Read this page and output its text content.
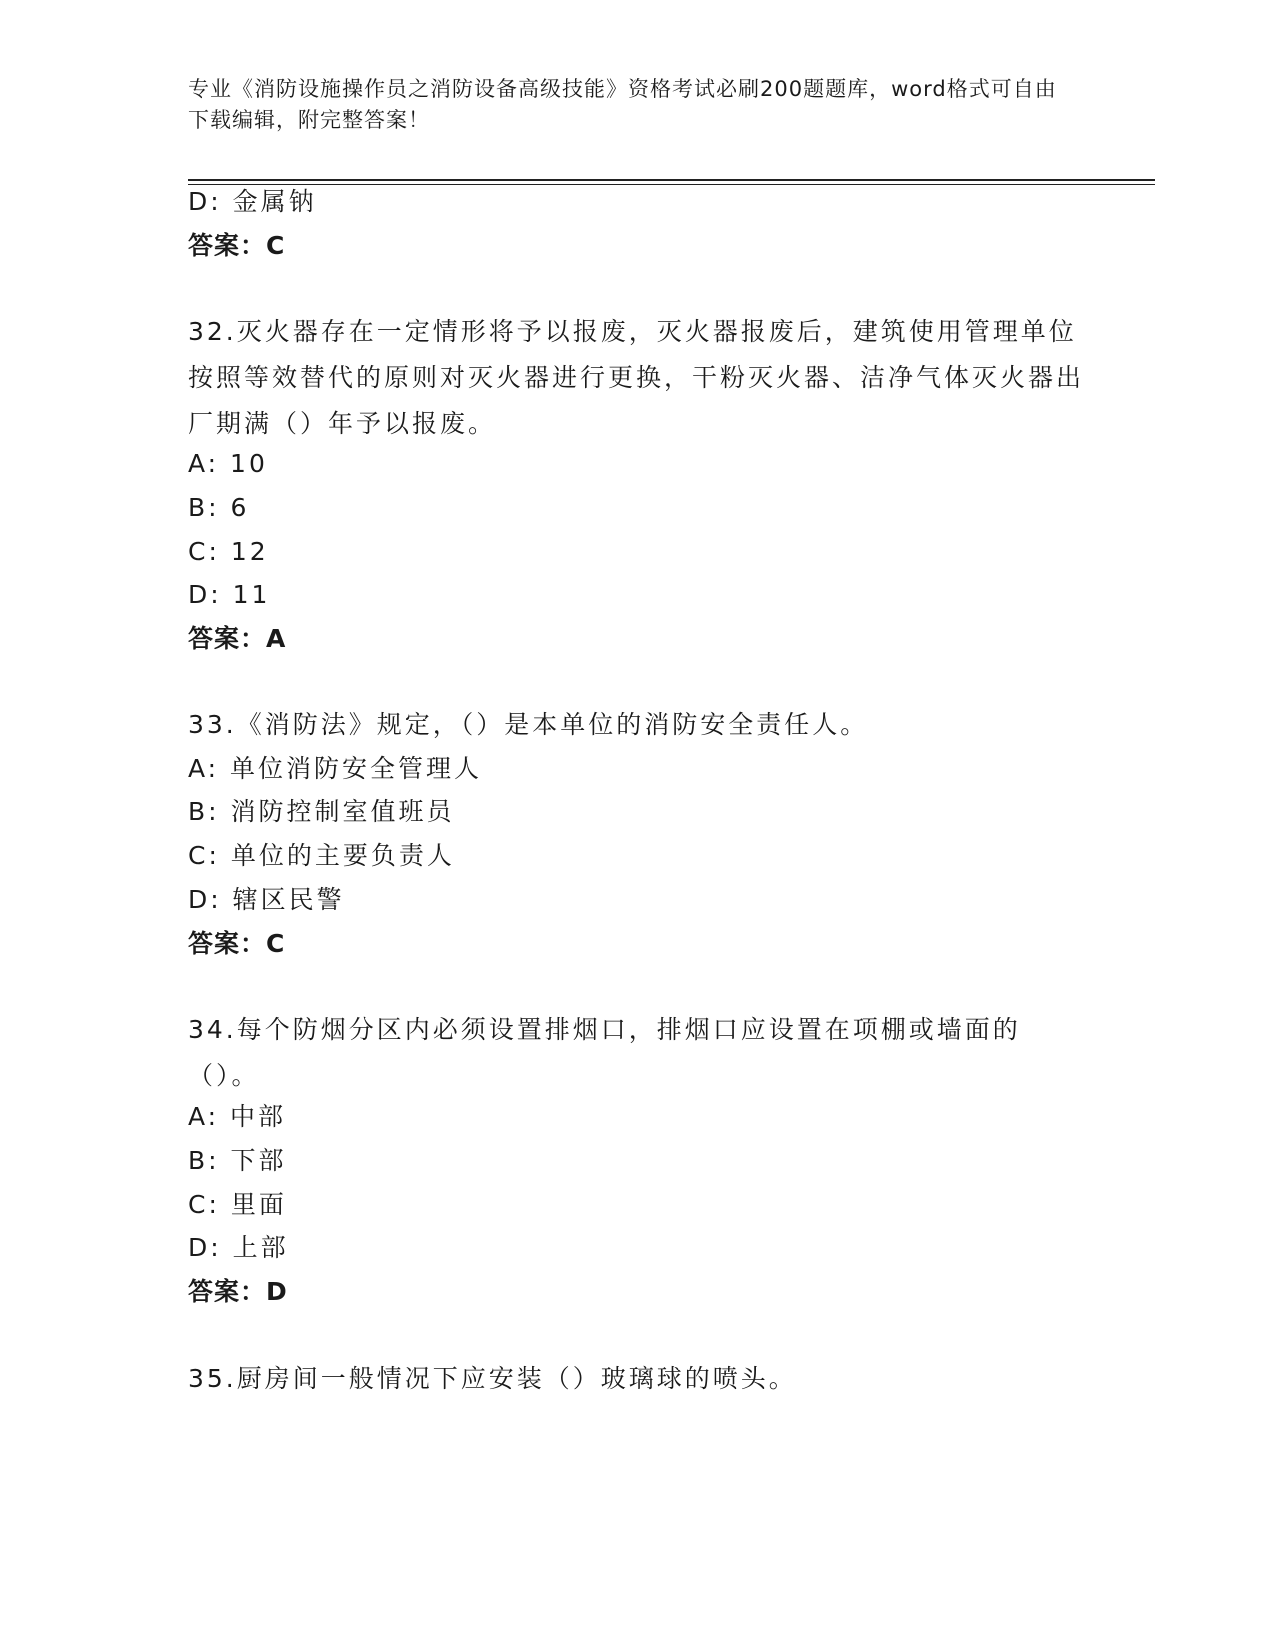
专业《消防设施操作员之消防设备高级技能》资格考试必刷200题题库，word格式可自由下载编辑，附完整答案！
D: 金属钠
答案：C
32.灭火器存在一定情形将予以报废，灭火器报废后，建筑使用管理单位按照等效替代的原则对灭火器进行更换，干粉灭火器、洁净气体灭火器出厂期满（）年予以报废。
A: 10
B: 6
C: 12
D: 11
答案：A
33.《消防法》规定，（）是本单位的消防安全责任人。
A: 单位消防安全管理人
B: 消防控制室值班员
C: 单位的主要负责人
D: 辖区民警
答案：C
34.每个防烟分区内必须设置排烟口，排烟口应设置在项棚或墙面的（）。
A: 中部
B: 下部
C: 里面
D: 上部
答案：D
35.厨房间一般情况下应安装（）玻璃球的喷头。
